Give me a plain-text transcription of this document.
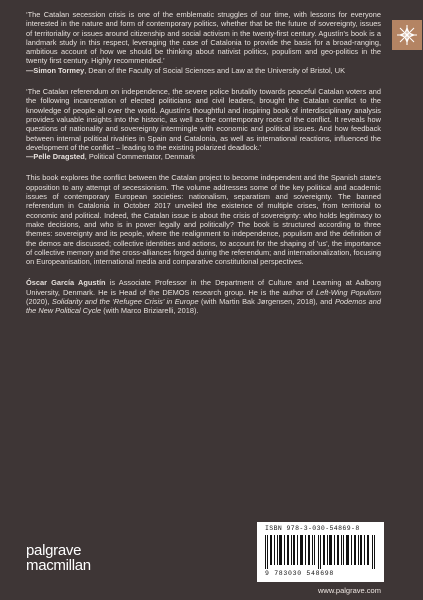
‘The Catalan secession crisis is one of the emblematic struggles of our time, with lessons for everyone interested in the nature and form of contemporary politics, whether that be the future of sovereignty, issues of territoriality or issues around citizenship and social activism in the twenty-first century. Agustín's book is a landmark study in this respect, leveraging the case of Catalonia to provide the basis for a broad-ranging, ambitious account of how we should be thinking about nativist politics, populism and geo-politics in the twenty first century. Highly recommended.’
—Simon Tormey, Dean of the Faculty of Social Sciences and Law at the University of Bristol, UK
‘The Catalan referendum on independence, the severe police brutality towards peaceful Catalan voters and the following incarceration of elected politicians and civil leaders, brought the Catalan conflict to the knowledge of people all over the world. Agustín's thoughtful and inspiring book of interdisciplinary analysis provides valuable insights into the historic, as well as the contemporary roots of the conflict. It reveals how questions of nationality and sovereignty intermingle with economic and political issues. And how feedback between internal political rivalries in Spain and Catalonia, as well as international reactions, influenced the development of the conflict – leading to the existing polarized deadlock.’
—Pelle Dragsted, Political Commentator, Denmark
This book explores the conflict between the Catalan project to become independent and the Spanish state's opposition to any attempt of secessionism. The volume addresses some of the key political and academic issues of contemporary European societies: nationalism, separatism and sovereignty. The banned referendum in Catalonia in October 2017 unveiled the existence of multiple crises, from territorial to economic and political. Indeed, the Catalan issue is about the crisis of sovereignty: who holds legitimacy to make decisions, and who is in power legally and politically? The book is structured according to three themes: sovereignty and its people, where the realignment to independence, populism and the definition of the demos are discussed; collective identities and actions, to account for the shaping of 'us', the importance of collective memory and the cross-alliances forged during the referendum; and internationalization, focusing on Europeanisation, international media and comparative constitutional perspectives.
Óscar García Agustín is Associate Professor in the Department of Culture and Learning at Aalborg University, Denmark. He is Head of the DEMOS research group. He is the author of Left-Wing Populism (2020), Solidarity and the ‘Refugee Crisis’ in Europe (with Martin Bak Jørgensen, 2018), and Podemos and the New Political Cycle (with Marco Briziarelli, 2018).
ISBN 978-3-030-54869-8
9 783030 548698
palgrave
macmillan
www.palgrave.com
